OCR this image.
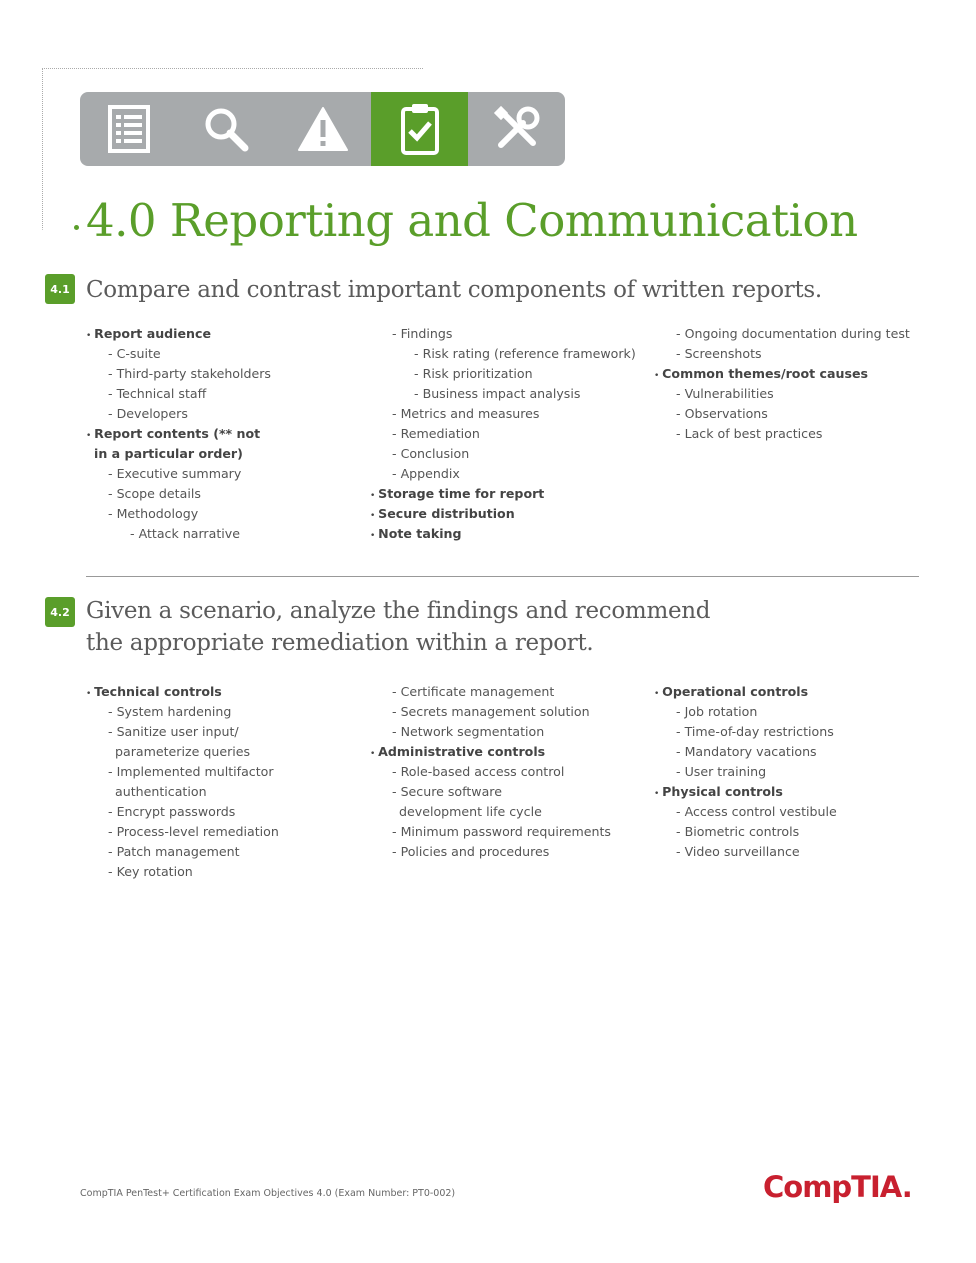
4.0 Reporting and Communication
4.1 Compare and contrast important components of written reports.
• Report audience
- C-suite
- Third-party stakeholders
- Technical staff
- Developers
• Report contents (** not
in a particular order)
- Executive summary
- Scope details
- Methodology
- Attack narrative
- Findings
- Risk rating (reference framework)
- Risk prioritization
- Business impact analysis
- Metrics and measures
- Remediation
- Conclusion
- Appendix
• Storage time for report
• Secure distribution
• Note taking
- Ongoing documentation during test
- Screenshots
• Common themes/root causes
- Vulnerabilities
- Observations
- Lack of best practices
4.2 Given a scenario, analyze the findings and recommend
the appropriate remediation within a report.
• Technical controls
- System hardening
- Sanitize user input/
parameterize queries
- Implemented multifactor
authentication
- Encrypt passwords
- Process-level remediation
- Patch management
- Key rotation
- Certificate management
- Secrets management solution
- Network segmentation
• Administrative controls
- Role-based access control
- Secure software
development life cycle
- Minimum password requirements
- Policies and procedures
• Operational controls
- Job rotation
- Time-of-day restrictions
- Mandatory vacations
- User training
• Physical controls
- Access control vestibule
- Biometric controls
- Video surveillance
CompTIA PenTest+ Certification Exam Objectives 4.0 (Exam Number: PT0-002)	CompTIA.
